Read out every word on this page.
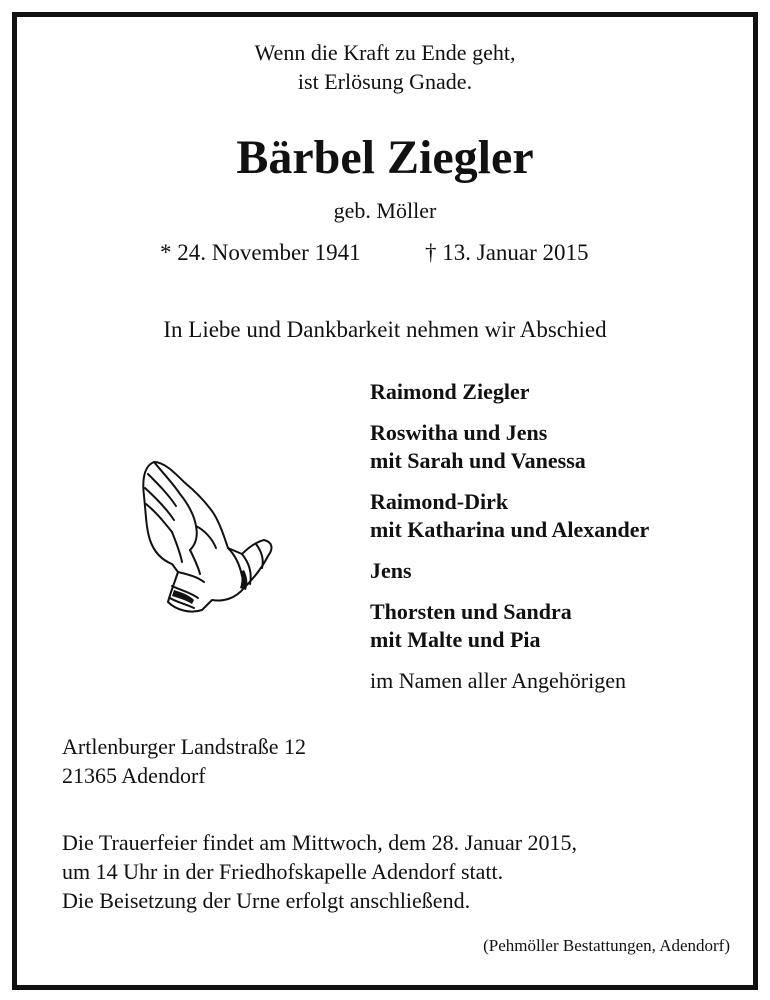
Wenn die Kraft zu Ende geht,
ist Erlösung Gnade.
Bärbel Ziegler
geb. Möller
* 24. November 1941	† 13. Januar 2015
In Liebe und Dankbarkeit nehmen wir Abschied
Raimond Ziegler
Roswitha und Jens
mit Sarah und Vanessa
Raimond-Dirk
mit Katharina und Alexander
Jens
Thorsten und Sandra
mit Malte und Pia
im Namen aller Angehörigen
Artlenburger Landstraße 12
21365 Adendorf
Die Trauerfeier findet am Mittwoch, dem 28. Januar 2015,
um 14 Uhr in der Friedhofskapelle Adendorf statt.
Die Beisetzung der Urne erfolgt anschließend.
(Pehmöller Bestattungen, Adendorf)
